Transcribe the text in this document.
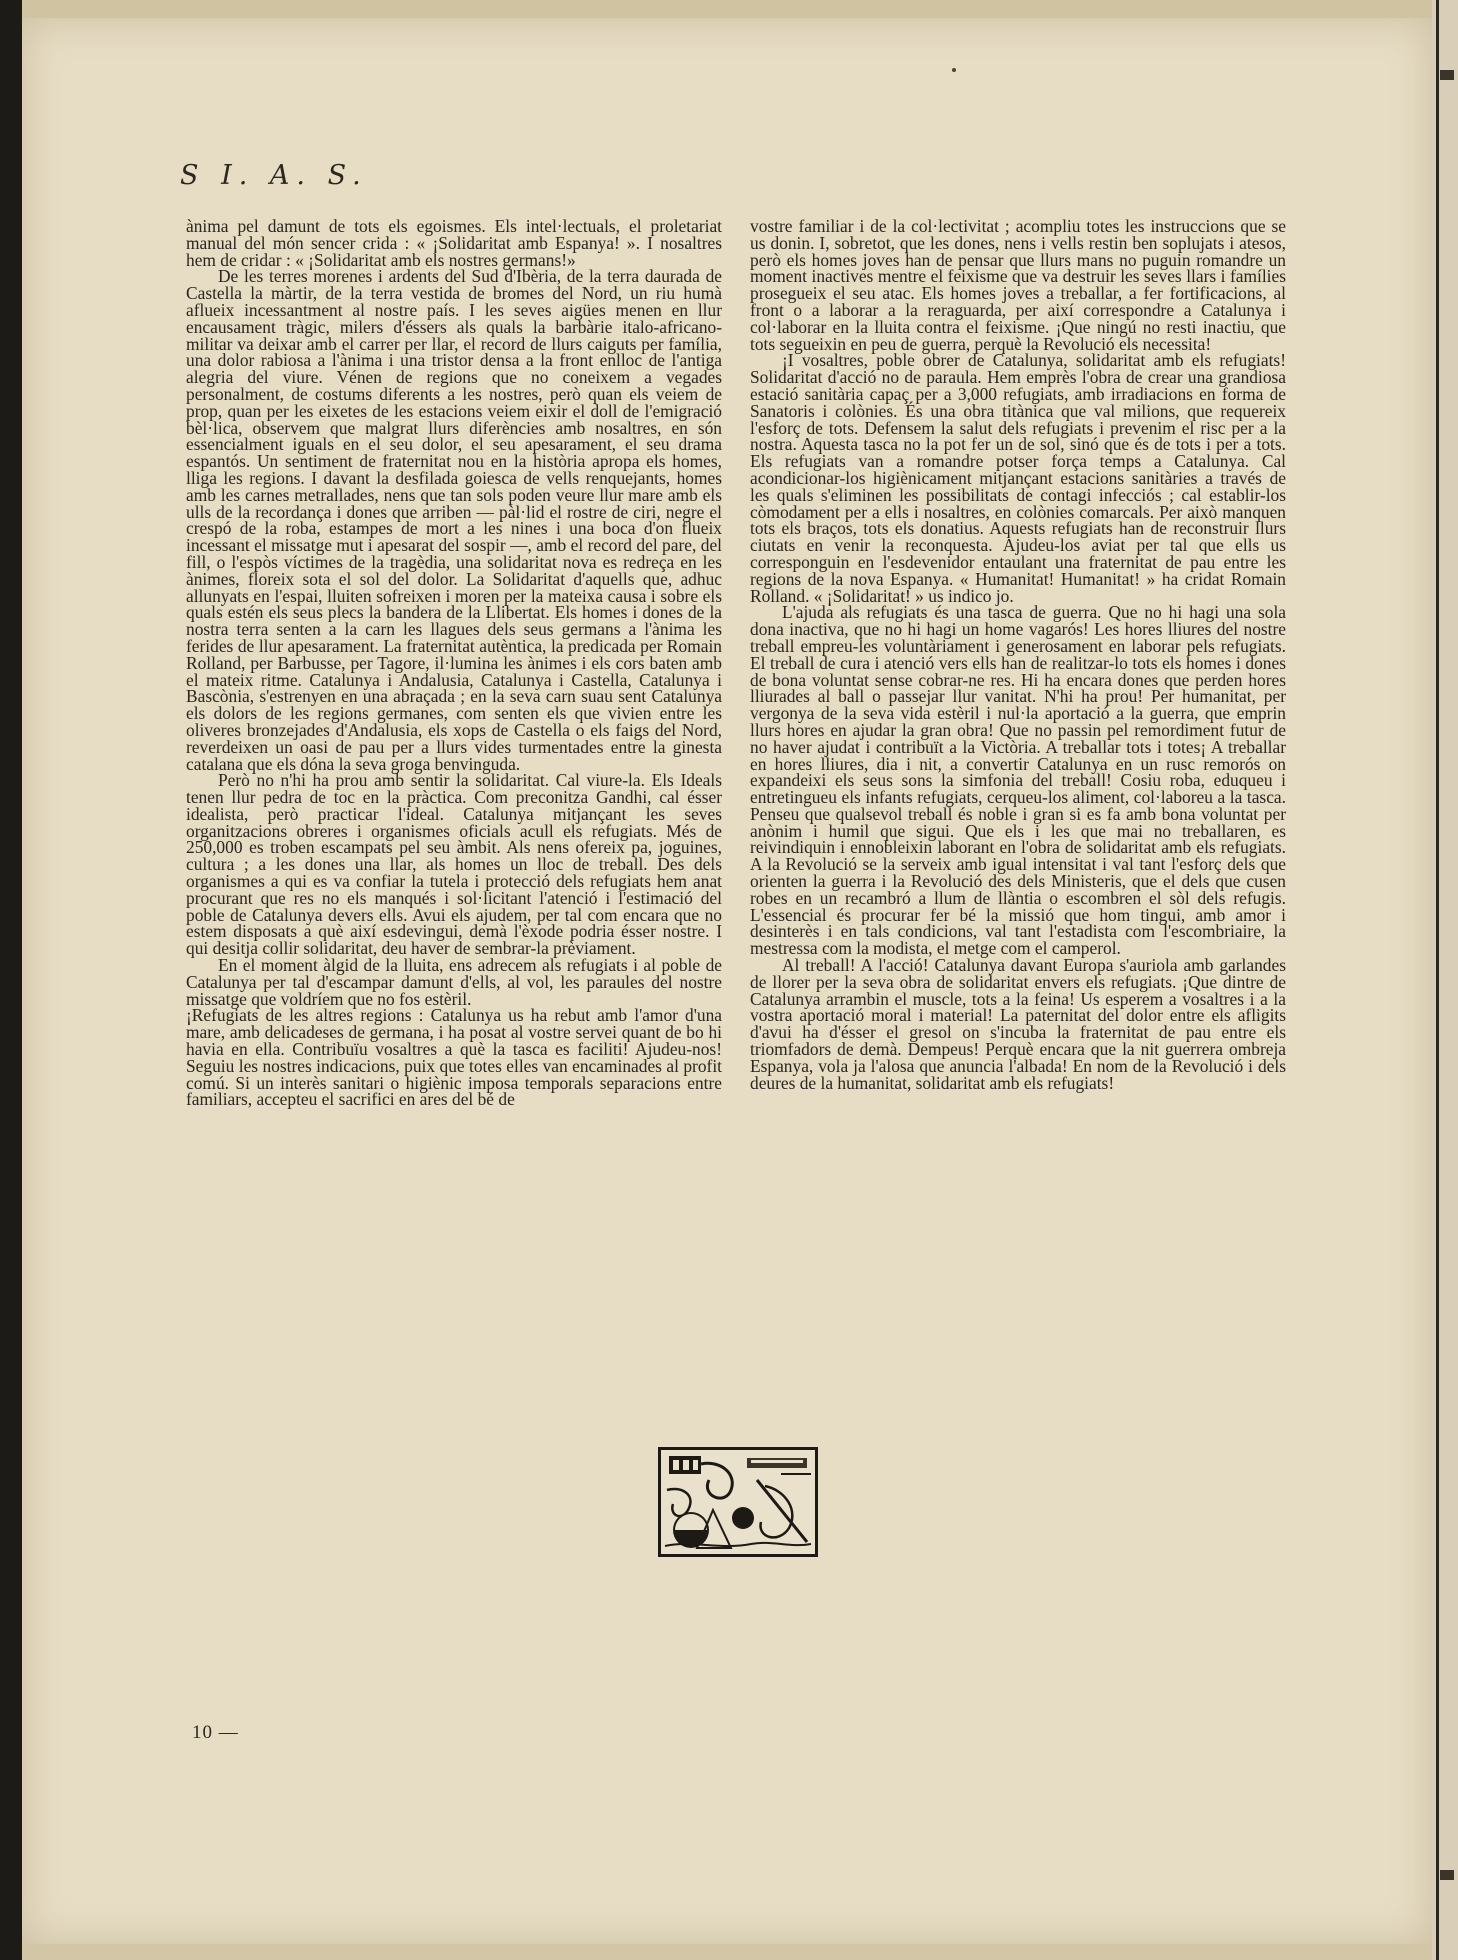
S I. A. S.

ànima pel damunt de tots els egoismes. Els intel·lectuals, el proletariat manual del món sencer crida : « ¡Solidaritat amb Espanya! ». I nosaltres hem de cridar : « ¡Solidaritat amb els nostres germans!»

De les terres morenes i ardents del Sud d'Ibèria, de la terra daurada de Castella la màrtir, de la terra vestida de bromes del Nord, un riu humà aflueix incessantment al nostre país. I les seves aigües menen en llur encausament tràgic, milers d'éssers als quals la barbàrie italo-africano-militar va deixar amb el carrer per llar, el record de llurs caiguts per família, una dolor rabiosa a l'ànima i una tristor densa a la front enlloc de l'antiga alegria del viure. Vénen de regions que no coneixem a vegades personalment, de costums diferents a les nostres, però quan els veiem de prop, quan per les eixetes de les estacions veiem eixir el doll de l'emigració bèl·lica, observem que malgrat llurs diferències amb nosaltres, en són essencialment iguals en el seu dolor, el seu apesarament, el seu drama espantós. Un sentiment de fraternitat nou en la història apropa els homes, lliga les regions. I davant la desfilada goiesca de vells renquejants, homes amb les carnes metrallades, nens que tan sols poden veure llur mare amb els ulls de la recordança i dones que arriben — pàl·lid el rostre de ciri, negre el crespó de la roba, estampes de mort a les nines i una boca d'on flueix incessant el missatge mut i apesarat del sospir —, amb el record del pare, del fill, o l'espòs víctimes de la tragèdia, una solidaritat nova es redreça en les ànimes, floreix sota el sol del dolor. La Solidaritat d'aquells que, adhuc allunyats en l'espai, lluiten sofreixen i moren per la mateixa causa i sobre els quals estén els seus plecs la bandera de la Llibertat. Els homes i dones de la nostra terra senten a la carn les llagues dels seus germans a l'ànima les ferides de llur apesarament. La fraternitat autèntica, la predicada per Romain Rolland, per Barbusse, per Tagore, il·lumina les ànimes i els cors baten amb el mateix ritme. Catalunya i Andalusia, Catalunya i Castella, Catalunya i Bascònia, s'estrenyen en una abraçada ; en la seva carn suau sent Catalunya els dolors de les regions germanes, com senten els que vivien entre les oliveres bronzejades d'Andalusia, els xops de Castella o els faigs del Nord, reverdeixen un oasi de pau per a llurs vides turmentades entre la ginesta catalana que els dóna la seva groga benvinguda.

Però no n'hi ha prou amb sentir la solidaritat. Cal viure-la. Els Ideals tenen llur pedra de toc en la pràctica. Com preconitza Gandhi, cal ésser idealista, però practicar l'ideal. Catalunya mitjançant les seves organitzacions obreres i organismes oficials acull els refugiats. Més de 250,000 es troben escampats pel seu àmbit. Als nens ofereix pa, joguines, cultura ; a les dones una llar, als homes un lloc de treball. Des dels organismes a qui es va confiar la tutela i protecció dels refugiats hem anat procurant que res no els manqués i sol·licitant l'atenció i l'estimació del poble de Catalunya devers ells. Avui els ajudem, per tal com encara que no estem disposats a què així esdevingui, demà l'èxode podria ésser nostre. I qui desitja collir solidaritat, deu haver de sembrar-la prèviament.

En el moment àlgid de la lluita, ens adrecem als refugiats i al poble de Catalunya per tal d'escampar damunt d'ells, al vol, les paraules del nostre missatge que voldríem que no fos estèril.

¡Refugiats de les altres regions : Catalunya us ha rebut amb l'amor d'una mare, amb delicadeses de germana, i ha posat al vostre servei quant de bo hi havia en ella. Contribuïu vosaltres a què la tasca es faciliti! Ajudeu-nos! Seguiu les nostres indicacions, puix que totes elles van encaminades al profit comú. Si un interès sanitari o higiènic imposa temporals separacions entre familiars, accepteu el sacrifici en ares del bé de

vostre familiar i de la col·lectivitat ; acompliu totes les instruccions que se us donin. I, sobretot, que les dones, nens i vells restin ben soplujats i atesos, però els homes joves han de pensar que llurs mans no puguin romandre un moment inactives mentre el feixisme que va destruir les seves llars i famílies prosegueix el seu atac. Els homes joves a treballar, a fer fortificacions, al front o a laborar a la reraguarda, per així correspondre a Catalunya i col·laborar en la lluita contra el feixisme. ¡Que ningú no resti inactiu, que tots segueixin en peu de guerra, perquè la Revolució els necessita!

¡I vosaltres, poble obrer de Catalunya, solidaritat amb els refugiats! Solidaritat d'acció no de paraula. Hem emprès l'obra de crear una grandiosa estació sanitària capaç per a 3,000 refugiats, amb irradiacions en forma de Sanatoris i colònies. És una obra titànica que val milions, que requereix l'esforç de tots. Defensem la salut dels refugiats i prevenim el risc per a la nostra. Aquesta tasca no la pot fer un de sol, sinó que és de tots i per a tots. Els refugiats van a romandre potser força temps a Catalunya. Cal acondicionar-los higiènicament mitjançant estacions sanitàries a través de les quals s'eliminen les possibilitats de contagi infecciós ; cal establir-los còmodament per a ells i nosaltres, en colònies comarcals. Per això manquen tots els braços, tots els donatius. Aquests refugiats han de reconstruir llurs ciutats en venir la reconquesta. Ajudeu-los aviat per tal que ells us corresponguin en l'esdevenidor entaulant una fraternitat de pau entre les regions de la nova Espanya. « Humanitat! Humanitat! » ha cridat Romain Rolland. « ¡Solidaritat! » us indico jo.

L'ajuda als refugiats és una tasca de guerra. Que no hi hagi una sola dona inactiva, que no hi hagi un home vagarós! Les hores lliures del nostre treball empreu-les voluntàriament i generosament en laborar pels refugiats. El treball de cura i atenció vers ells han de realitzar-lo tots els homes i dones de bona voluntat sense cobrar-ne res. Hi ha encara dones que perden hores lliurades al ball o passejar llur vanitat. N'hi ha prou! Per humanitat, per vergonya de la seva vida estèril i nul·la aportació a la guerra, que emprin llurs hores en ajudar la gran obra! Que no passin pel remordiment futur de no haver ajudat i contribuït a la Victòria. A treballar tots i totes¡ A treballar en hores lliures, dia i nit, a convertir Catalunya en un rusc remorós on expandeixi els seus sons la simfonia del treball! Cosiu roba, eduqueu i entretingueu els infants refugiats, cerqueu-los aliment, col·laboreu a la tasca. Penseu que qualsevol treball és noble i gran si es fa amb bona voluntat per anònim i humil que sigui. Que els i les que mai no treballaren, es reivindiquin i ennobleixin laborant en l'obra de solidaritat amb els refugiats. A la Revolució se la serveix amb igual intensitat i val tant l'esforç dels que orienten la guerra i la Revolució des dels Ministeris, que el dels que cusen robes en un recambró a llum de llàntia o escombren el sòl dels refugis. L'essencial és procurar fer bé la missió que hom tingui, amb amor i desinterès i en tals condicions, val tant l'estadista com l'escombriaire, la mestressa com la modista, el metge com el camperol.

Al treball! A l'acció! Catalunya davant Europa s'auriola amb garlandes de llorer per la seva obra de solidaritat envers els refugiats. ¡Que dintre de Catalunya arrambin el muscle, tots a la feina! Us esperem a vosaltres i a la vostra aportació moral i material! La paternitat del dolor entre els afligits d'avui ha d'ésser el gresol on s'incuba la fraternitat de pau entre els triomfadors de demà. Dempeus! Perquè encara que la nit guerrera ombreja Espanya, vola ja l'alosa que anuncia l'albada! En nom de la Revolució i dels deures de la humanitat, solidaritat amb els refugiats!

10 —
